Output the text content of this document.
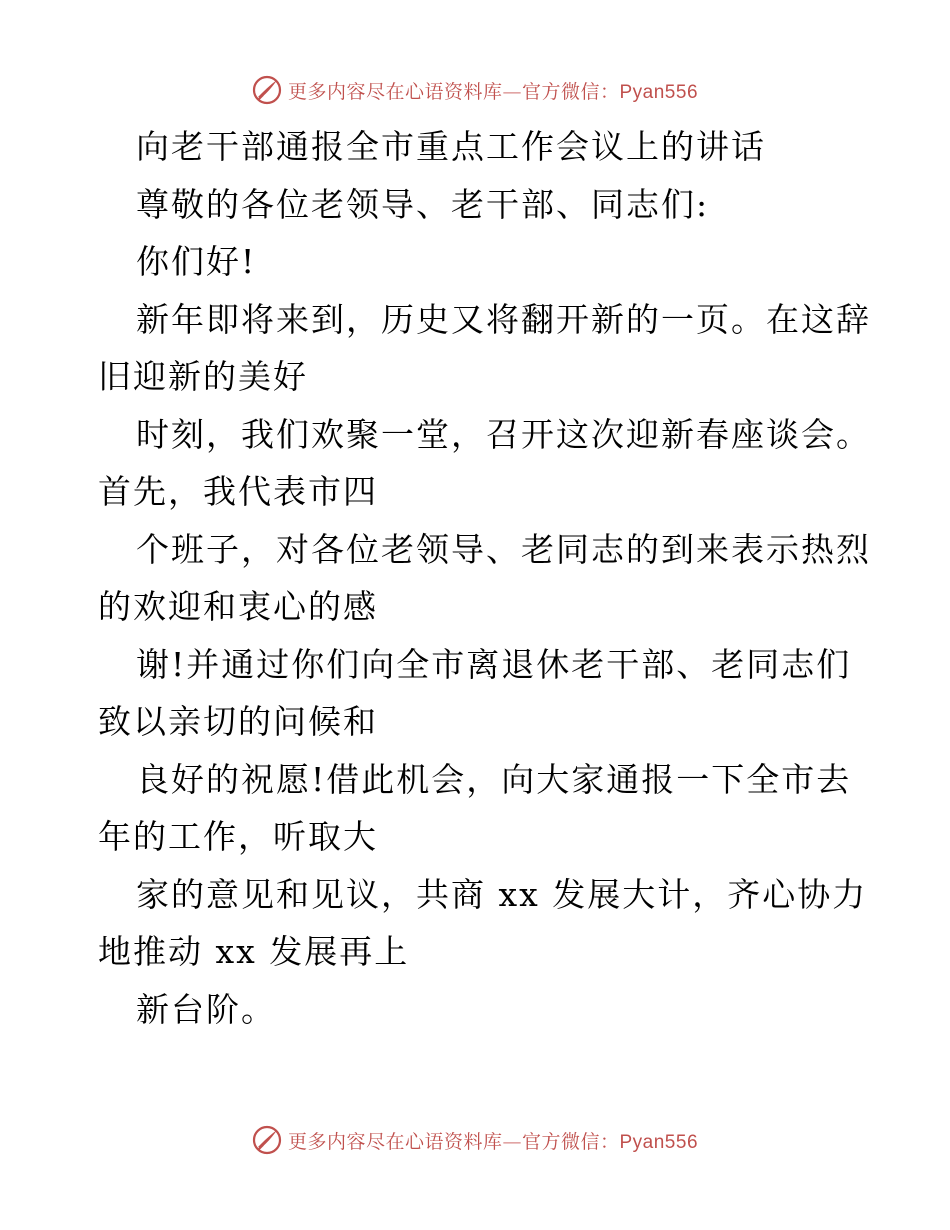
更多内容尽在心语资料库—官方微信：Pyan556
向老干部通报全市重点工作会议上的讲话
尊敬的各位老领导、老干部、同志们:
你们好!
新年即将来到，历史又将翻开新的一页。在这辞
旧迎新的美好
时刻，我们欢聚一堂，召开这次迎新春座谈会。
首先，我代表市四
个班子，对各位老领导、老同志的到来表示热烈
的欢迎和衷心的感
谢!并通过你们向全市离退休老干部、老同志们
致以亲切的问候和
良好的祝愿!借此机会，向大家通报一下全市去
年的工作，听取大
家的意见和见议，共商 xx 发展大计，齐心协力
地推动 xx 发展再上
新台阶。
更多内容尽在心语资料库—官方微信：Pyan556
